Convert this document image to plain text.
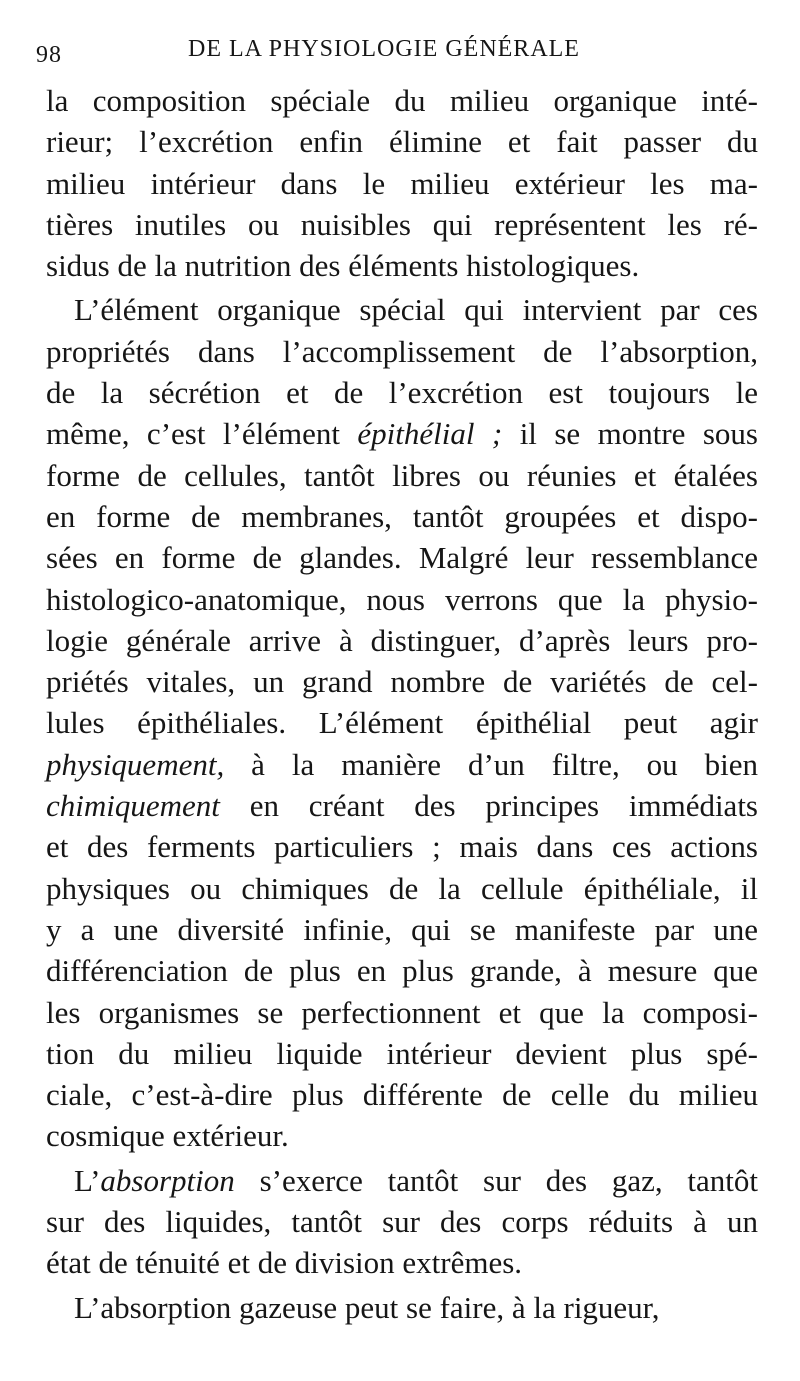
98	DE LA PHYSIOLOGIE GÉNÉRALE
la composition spéciale du milieu organique inté-
rieur; l’excrétion enfin élimine et fait passer du
milieu intérieur dans le milieu extérieur les ma-
tières inutiles ou nuisibles qui représentent les ré-
sidus de la nutrition des éléments histologiques.
L’élément organique spécial qui intervient par ces
propriétés dans l’accomplissement de l’absorption,
de la sécrétion et de l’excrétion est toujours le
même, c’est l’élément épithélial ; il se montre sous
forme de cellules, tantôt libres ou réunies et étalées
en forme de membranes, tantôt groupées et dispo-
sées en forme de glandes. Malgré leur ressemblance
histologico-anatomique, nous verrons que la physio-
logie générale arrive à distinguer, d’après leurs pro-
priétés vitales, un grand nombre de variétés de cel-
lules épithéliales. L’élément épithélial peut agir
physiquement, à la manière d’un filtre, ou bien
chimiquement en créant des principes immédiats
et des ferments particuliers ; mais dans ces actions
physiques ou chimiques de la cellule épithéliale, il
y a une diversité infinie, qui se manifeste par une
différenciation de plus en plus grande, à mesure que
les organismes se perfectionnent et que la composi-
tion du milieu liquide intérieur devient plus spé-
ciale, c’est-à-dire plus différente de celle du milieu
cosmique extérieur.
L’absorption s’exerce tantôt sur des gaz, tantôt
sur des liquides, tantôt sur des corps réduits à un
état de ténuité et de division extrêmes.
L’absorption gazeuse peut se faire, à la rigueur,
